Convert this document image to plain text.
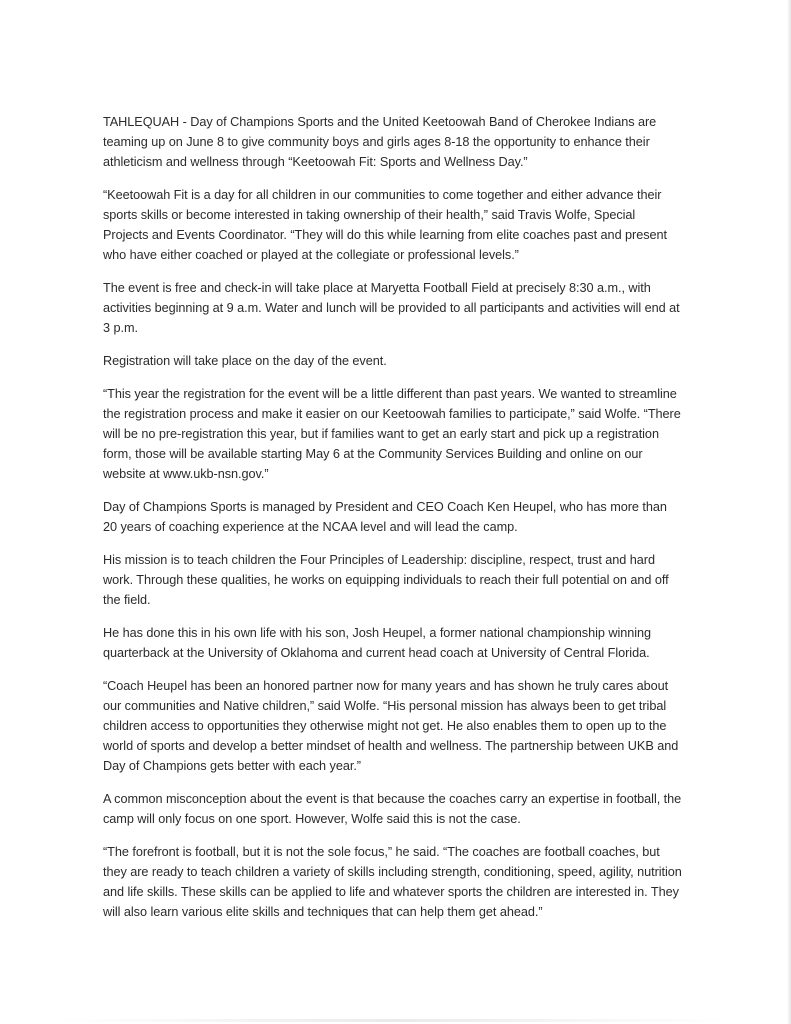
TAHLEQUAH - Day of Champions Sports and the United Keetoowah Band of Cherokee Indians are teaming up on June 8 to give community boys and girls ages 8-18 the opportunity to enhance their athleticism and wellness through “Keetoowah Fit: Sports and Wellness Day.”

“Keetoowah Fit is a day for all children in our communities to come together and either advance their sports skills or become interested in taking ownership of their health,” said Travis Wolfe, Special Projects and Events Coordinator. “They will do this while learning from elite coaches past and present who have either coached or played at the collegiate or professional levels.”

The event is free and check-in will take place at Maryetta Football Field at precisely 8:30 a.m., with activities beginning at 9 a.m. Water and lunch will be provided to all participants and activities will end at 3 p.m.

Registration will take place on the day of the event.

“This year the registration for the event will be a little different than past years. We wanted to streamline the registration process and make it easier on our Keetoowah families to participate,” said Wolfe. “There will be no pre-registration this year, but if families want to get an early start and pick up a registration form, those will be available starting May 6 at the Community Services Building and online on our website at www.ukb-nsn.gov.”

Day of Champions Sports is managed by President and CEO Coach Ken Heupel, who has more than 20 years of coaching experience at the NCAA level and will lead the camp.

His mission is to teach children the Four Principles of Leadership: discipline, respect, trust and hard work. Through these qualities, he works on equipping individuals to reach their full potential on and off the field.

He has done this in his own life with his son, Josh Heupel, a former national championship winning quarterback at the University of Oklahoma and current head coach at University of Central Florida.

“Coach Heupel has been an honored partner now for many years and has shown he truly cares about our communities and Native children,” said Wolfe. “His personal mission has always been to get tribal children access to opportunities they otherwise might not get. He also enables them to open up to the world of sports and develop a better mindset of health and wellness. The partnership between UKB and Day of Champions gets better with each year.”

A common misconception about the event is that because the coaches carry an expertise in football, the camp will only focus on one sport. However, Wolfe said this is not the case.

“The forefront is football, but it is not the sole focus,” he said. “The coaches are football coaches, but they are ready to teach children a variety of skills including strength, conditioning, speed, agility, nutrition and life skills. These skills can be applied to life and whatever sports the children are interested in. They will also learn various elite skills and techniques that can help them get ahead.”
